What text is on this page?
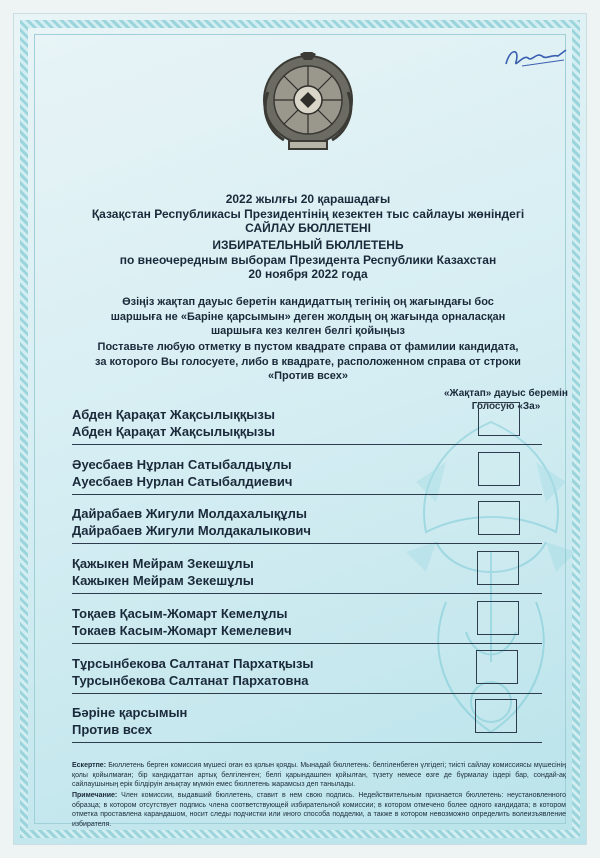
2022 жылғы 20 қарашадағы
Қазақстан Республикасы Президентінің кезектен тыс сайлауы жөніндегі
САЙЛАУ БЮЛЛЕТЕНІ
ИЗБИРАТЕЛЬНЫЙ БЮЛЛЕТЕНЬ
по внеочередным выборам Президента Республики Казахстан
20 ноября 2022 года
Өзіңіз жақтап дауыс беретін кандидаттың тегінің оң жағындағы бос
шаршыға не «Баріне қарсымын» деген жолдың оң жағында орналасқан
шаршыға кез келген белгі қойыңыз
Поставьте любую отметку в пустом квадрате справа от фамилии кандидата,
за которого Вы голосуете, либо в квадрате, расположенном справа от строки
«Против всех»
«Жақтап» дауыс беремін
Голосую «За»
Абден Қарақат Жақсылыққызы
Абден Қарақат Жақсылыққызы
Әуесбаев Нұрлан Сатыбалдыұлы
Ауесбаев Нурлан Сатыбалдиевич
Дайрабаев Жигули Молдахалықұлы
Дайрабаев Жигули Молдакалыкович
Қажыкен Мейрам Зекешұлы
Кажыкен Мейрам Зекешұлы
Тоқаев Қасым-Жомарт Кемелұлы
Токаев Касым-Жомарт Кемелевич
Тұрсынбекова Салтанат Пархатқызы
Турсынбекова Салтанат Пархатовна
Бәріне қарсымын
Против всех
Ескертпе: Бюллетень берген комиссия мүшесі оған өз қолын қояды. Мынадай бюллетень: белгіленбеген үлгідегі; тиісті сайлау комиссиясы мүшесінің қолы қойылмаған; бір кандидаттан артық белгіленген; белгі қарындашпен қойылған, түзету немесе өзге де бүрмалау іздері бар, сондай-ақ сайлаушының ерік білдіруін анықтау мүмкін емес бюллетень жарамсыз деп танылады.
Примечание: Член комиссии, выдавший бюллетень, ставит в нем свою подпись. Недействительным признается бюллетень: неустановленного образца; в котором отсутствует подпись члена соответствующей избирательной комиссии; в котором отмечено более одного кандидата; в котором отметка проставлена карандашом, носит следы подчистки или иного способа подделки, а также в котором невозможно определить волеизъявление избирателя.
